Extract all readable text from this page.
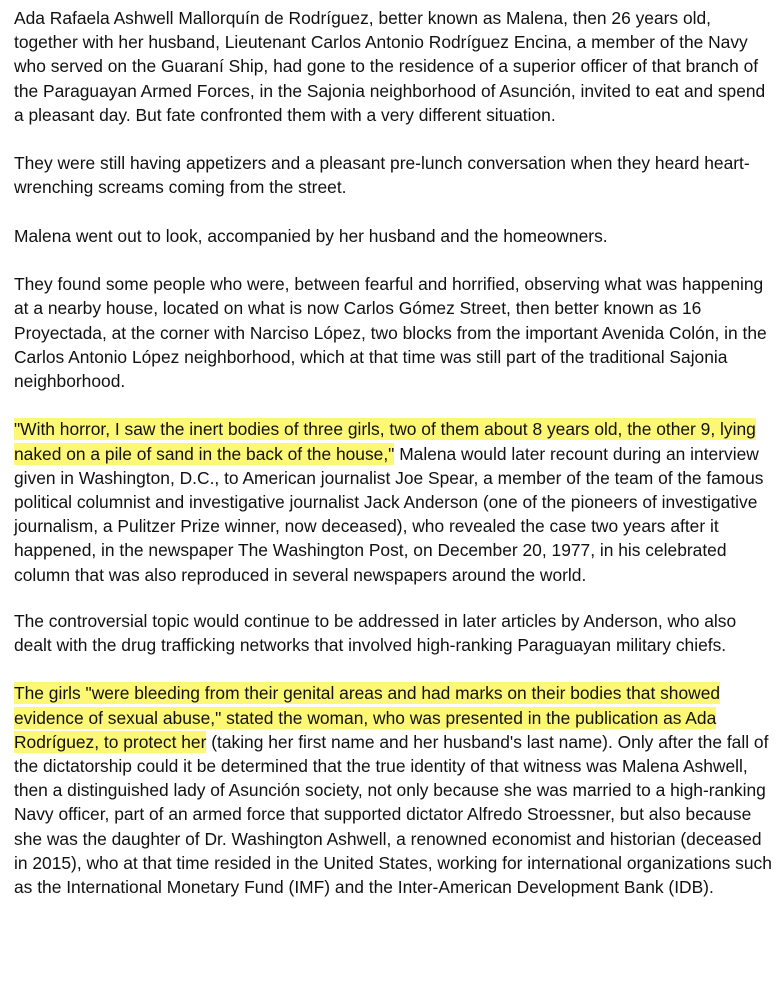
Ada Rafaela Ashwell Mallorquín de Rodríguez, better known as Malena, then 26 years old, together with her husband, Lieutenant Carlos Antonio Rodríguez Encina, a member of the Navy who served on the Guaraní Ship, had gone to the residence of a superior officer of that branch of the Paraguayan Armed Forces, in the Sajonia neighborhood of Asunción, invited to eat and spend a pleasant day. But fate confronted them with a very different situation.

They were still having appetizers and a pleasant pre-lunch conversation when they heard heart-wrenching screams coming from the street.

Malena went out to look, accompanied by her husband and the homeowners.

They found some people who were, between fearful and horrified, observing what was happening at a nearby house, located on what is now Carlos Gómez Street, then better known as 16 Proyectada, at the corner with Narciso López, two blocks from the important Avenida Colón, in the Carlos Antonio López neighborhood, which at that time was still part of the traditional Sajonia neighborhood.

"With horror, I saw the inert bodies of three girls, two of them about 8 years old, the other 9, lying naked on a pile of sand in the back of the house," Malena would later recount during an interview given in Washington, D.C., to American journalist Joe Spear, a member of the team of the famous political columnist and investigative journalist Jack Anderson (one of the pioneers of investigative journalism, a Pulitzer Prize winner, now deceased), who revealed the case two years after it happened, in the newspaper The Washington Post, on December 20, 1977, in his celebrated column that was also reproduced in several newspapers around the world.

The controversial topic would continue to be addressed in later articles by Anderson, who also dealt with the drug trafficking networks that involved high-ranking Paraguayan military chiefs.

The girls "were bleeding from their genital areas and had marks on their bodies that showed evidence of sexual abuse," stated the woman, who was presented in the publication as Ada Rodríguez, to protect her (taking her first name and her husband's last name). Only after the fall of the dictatorship could it be determined that the true identity of that witness was Malena Ashwell, then a distinguished lady of Asunción society, not only because she was married to a high-ranking Navy officer, part of an armed force that supported dictator Alfredo Stroessner, but also because she was the daughter of Dr. Washington Ashwell, a renowned economist and historian (deceased in 2015), who at that time resided in the United States, working for international organizations such as the International Monetary Fund (IMF) and the Inter-American Development Bank (IDB).
